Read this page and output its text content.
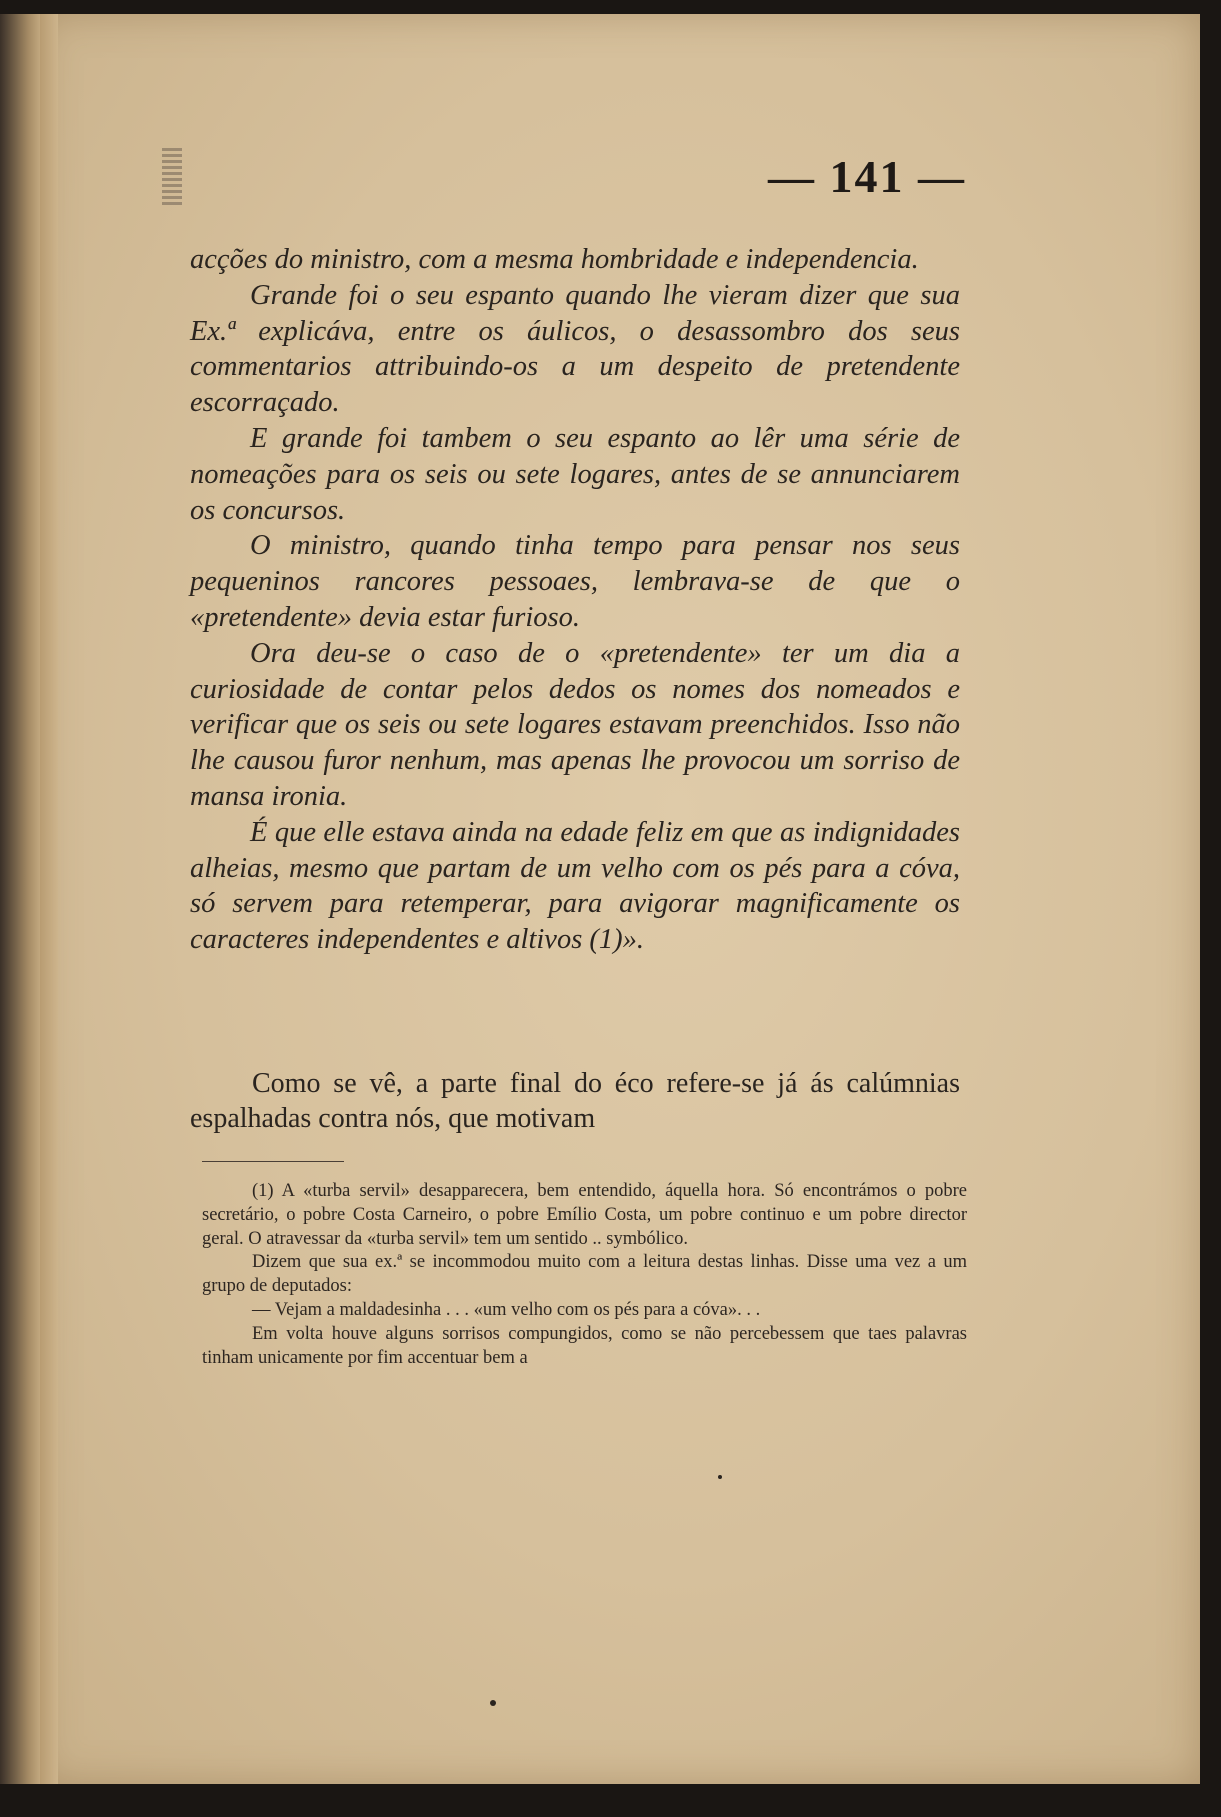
— 141 —

acções do ministro, com a mesma hombridade e independencia.

Grande foi o seu espanto quando lhe vieram dizer que sua Ex.ª explicáva, entre os áulicos, o desassombro dos seus commentarios attribuindo-os a um despeito de pretendente escorraçado.

E grande foi tambem o seu espanto ao lêr uma série de nomeações para os seis ou sete logares, antes de se annunciarem os concursos.

O ministro, quando tinha tempo para pensar nos seus pequeninos rancores pessoaes, lembrava-se de que o «pretendente» devia estar furioso.

Ora deu-se o caso de o «pretendente» ter um dia a curiosidade de contar pelos dedos os nomes dos nomeados e verificar que os seis ou sete logares estavam preenchidos. Isso não lhe causou furor nenhum, mas apenas lhe provocou um sorriso de mansa ironia.

É que elle estava ainda na edade feliz em que as indignidades alheias, mesmo que partam de um velho com os pés para a cóva, só servem para retemperar, para avigorar magnificamente os caracteres independentes e altivos (1)».

Como se vê, a parte final do éco refere-se já ás calúmnias espalhadas contra nós, que motivam

(1) A «turba servil» desapparecera, bem entendido, áquella hora. Só encontrámos o pobre secretário, o pobre Costa Carneiro, o pobre Emílio Costa, um pobre continuo e um pobre director geral. O atravessar da «turba servil» tem um sentido .. symbólico.

Dizem que sua ex.ª se incommodou muito com a leitura destas linhas. Disse uma vez a um grupo de deputados:

— Vejam a maldadesinha . . . «um velho com os pés para a cóva». . .

Em volta houve alguns sorrisos compungidos, como se não percebessem que taes palavras tinham unicamente por fim accentuar bem a
